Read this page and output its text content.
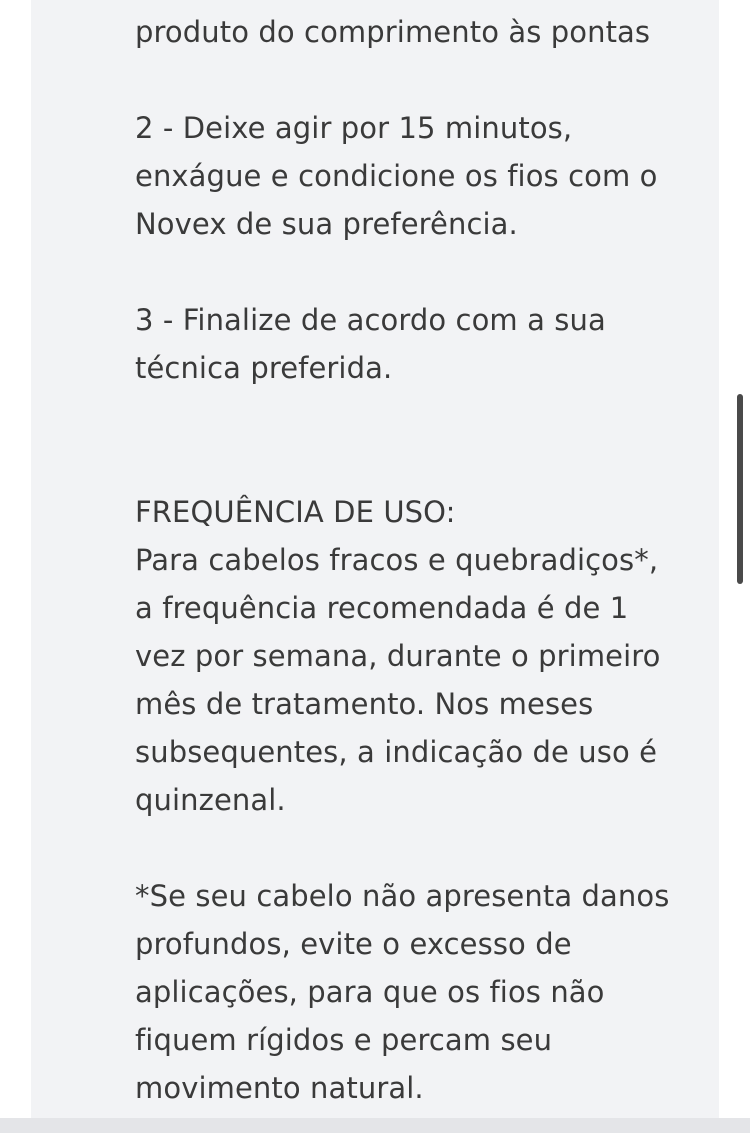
produto do comprimento às pontas

2 - Deixe agir por 15 minutos,
enxágue e condicione os fios com o
Novex de sua preferência.

3 - Finalize de acordo com a sua
técnica preferida.

FREQUÊNCIA DE USO:

Para cabelos fracos e quebradiços*,
a frequência recomendada é de 1
vez por semana, durante o primeiro
mês de tratamento. Nos meses
subsequentes, a indicação de uso é
quinzenal.

*Se seu cabelo não apresenta danos
profundos, evite o excesso de
aplicações, para que os fios não
fiquem rígidos e percam seu
movimento natural.
